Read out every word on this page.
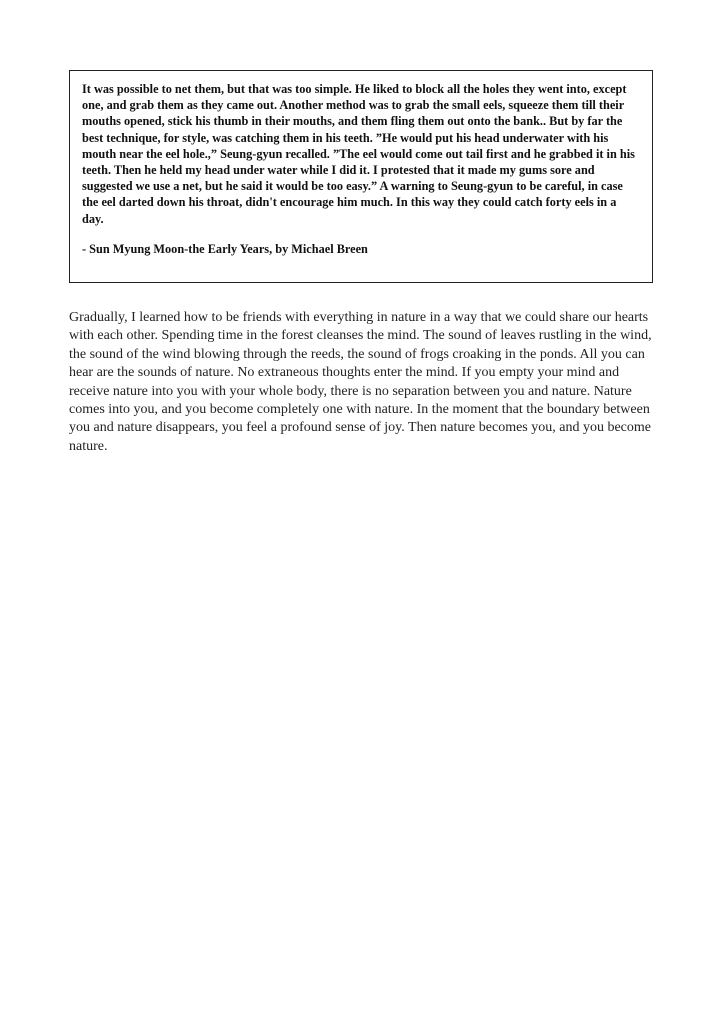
It was possible to net them, but that was too simple. He liked to block all the holes they went into, except one, and grab them as they came out. Another method was to grab the small eels, squeeze them till their mouths opened, stick his thumb in their mouths, and them fling them out onto the bank.. But by far the best technique, for style, was catching them in his teeth. ”He would put his head underwater with his mouth near the eel hole.,” Seung-gyun recalled. ”The eel would come out tail first and he grabbed it in his teeth. Then he held my head under water while I did it. I protested that it made my gums sore and suggested we use a net, but he said it would be too easy.” A warning to Seung-gyun to be careful, in case the eel darted down his throat, didn't encourage him much. In this way they could catch forty eels in a day.

- Sun Myung Moon-the Early Years, by Michael Breen

Gradually, I learned how to be friends with everything in nature in a way that we could share our hearts with each other. Spending time in the forest cleanses the mind. The sound of leaves rustling in the wind, the sound of the wind blowing through the reeds, the sound of frogs croaking in the ponds. All you can hear are the sounds of nature. No extraneous thoughts enter the mind. If you empty your mind and receive nature into you with your whole body, there is no separation between you and nature. Nature comes into you, and you become completely one with nature. In the moment that the boundary between you and nature disappears, you feel a profound sense of joy. Then nature becomes you, and you become nature.
